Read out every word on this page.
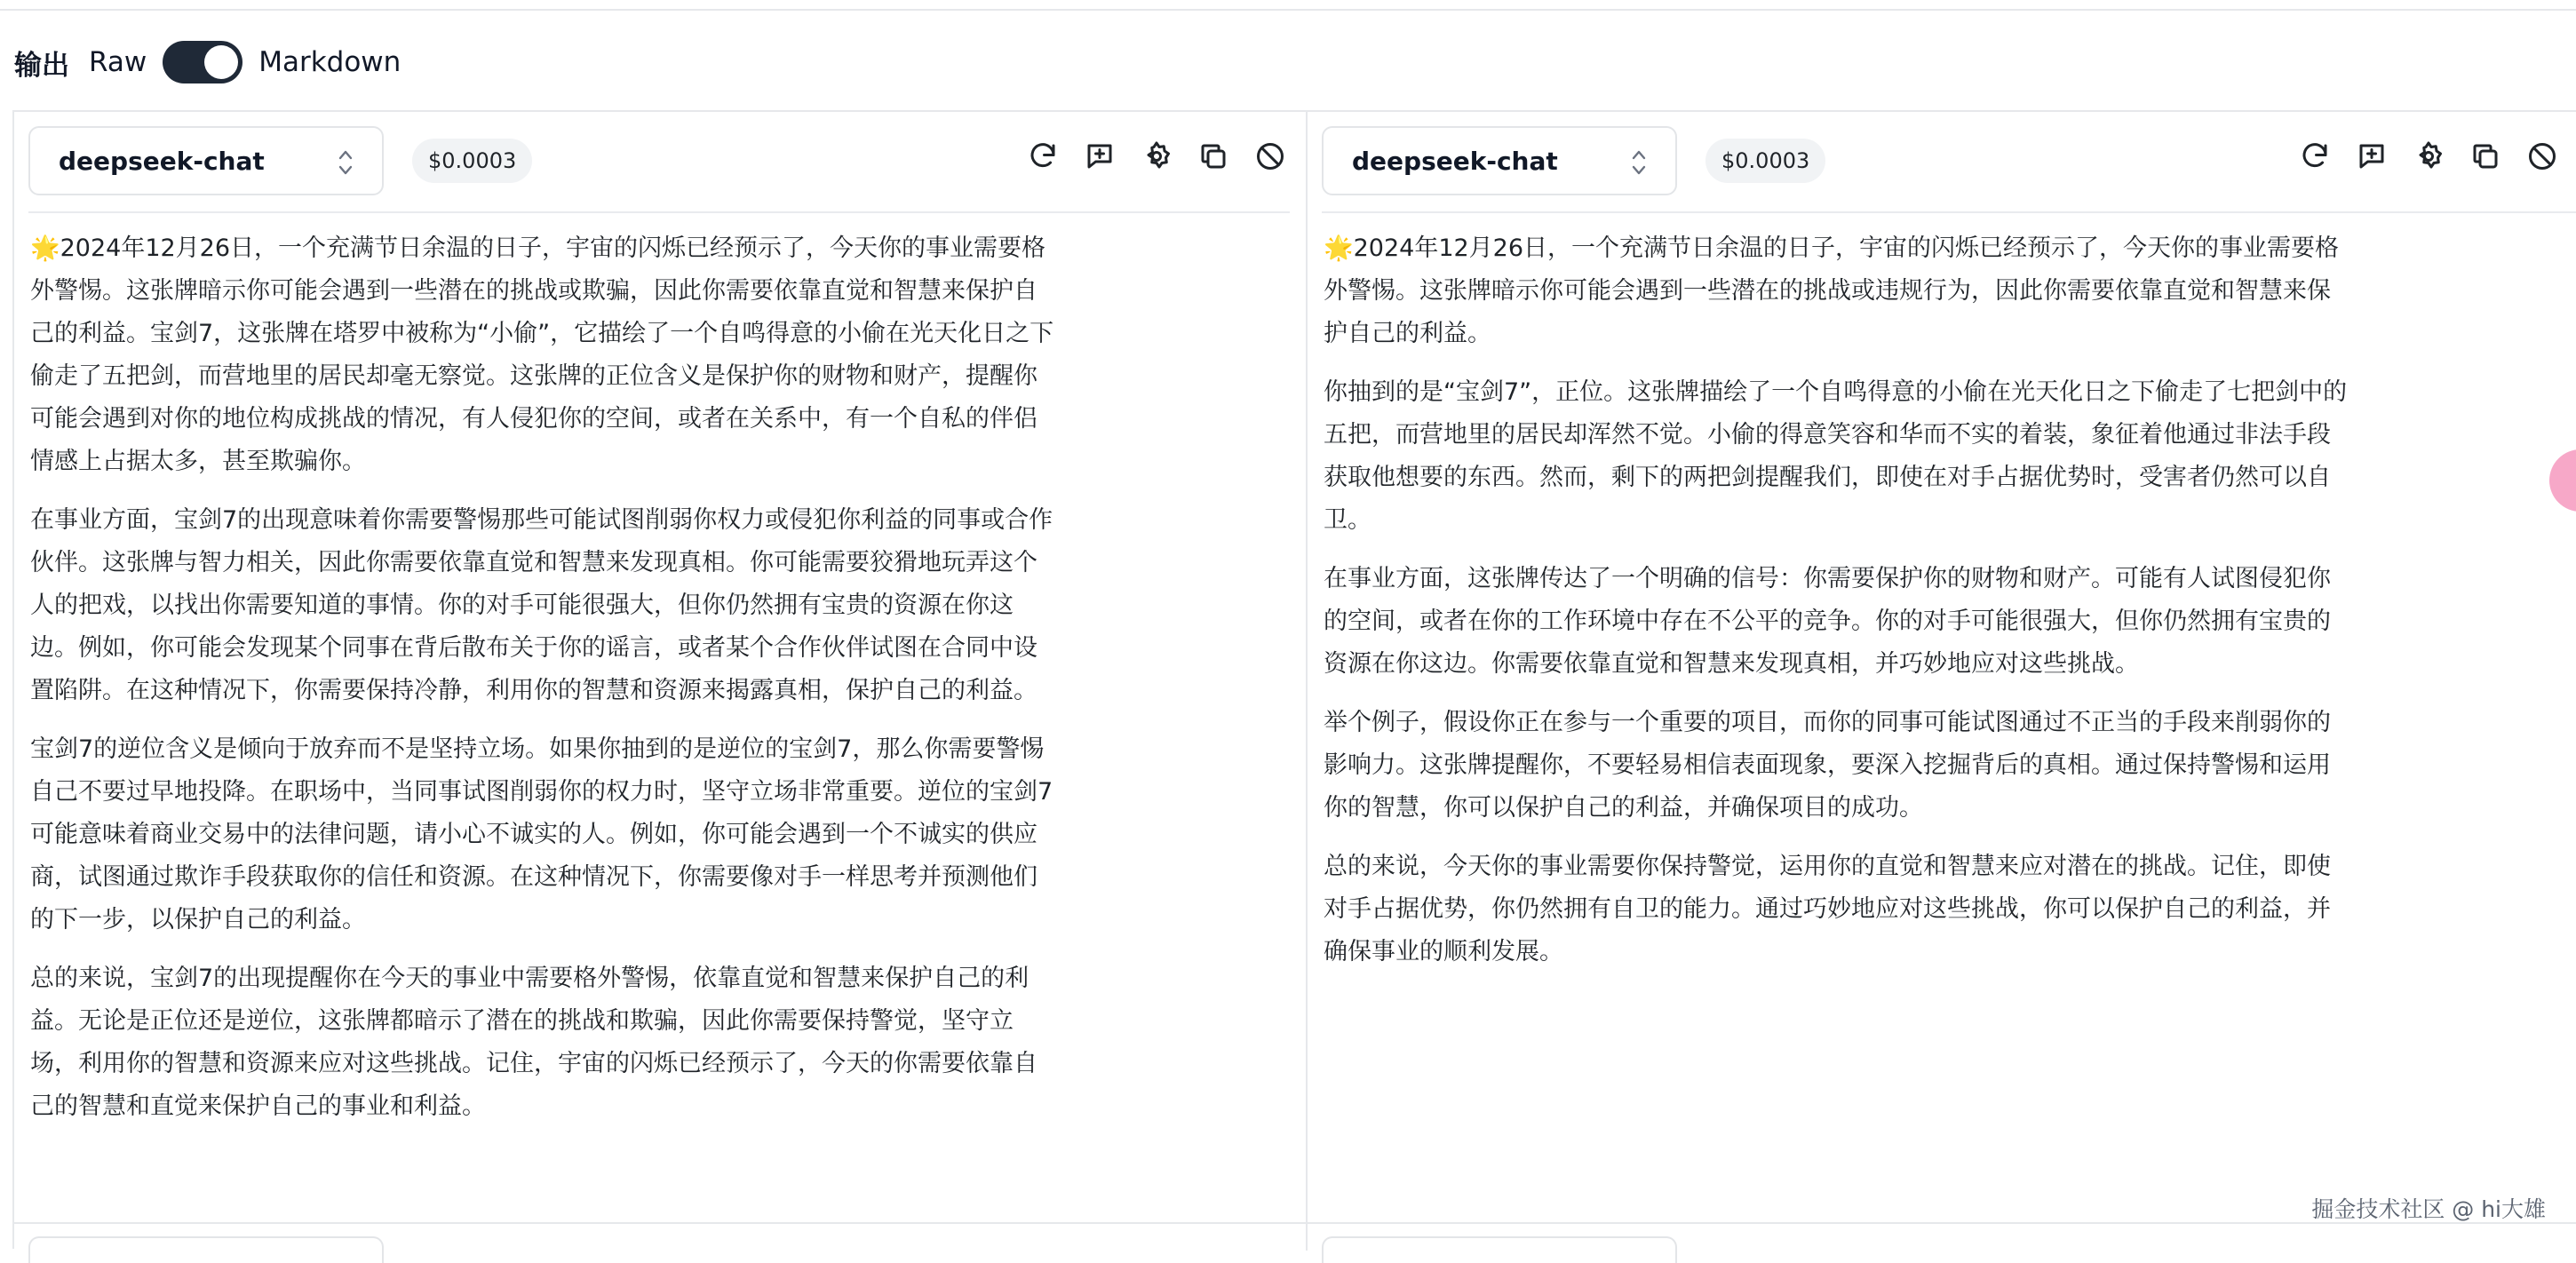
输出 Raw	Markdown
deepseek-chat	$0.0003

🌟2024年12月26日，一个充满节日余温的日子，宇宙的闪烁已经预示了，今天你的事业需要格外警惕。这张牌暗示你可能会遇到一些潜在的挑战或欺骗，因此你需要依靠直觉和智慧来保护自己的利益。宝剑7，这张牌在塔罗中被称为“小偷”，它描绘了一个自鸣得意的小偷在光天化日之下偷走了五把剑，而营地里的居民却毫无察觉。这张牌的正位含义是保护你的财物和财产，提醒你可能会遇到对你的地位构成挑战的情况，有人侵犯你的空间，或者在关系中，有一个自私的伴侣情感上占据太多，甚至欺骗你。

在事业方面，宝剑7的出现意味着你需要警惕那些可能试图削弱你权力或侵犯你利益的同事或合作伙伴。这张牌与智力相关，因此你需要依靠直觉和智慧来发现真相。你可能需要狡猾地玩弄这个人的把戏，以找出你需要知道的事情。你的对手可能很强大，但你仍然拥有宝贵的资源在你这边。例如，你可能会发现某个同事在背后散布关于你的谣言，或者某个合作伙伴试图在合同中设置陷阱。在这种情况下，你需要保持冷静，利用你的智慧和资源来揭露真相，保护自己的利益。

宝剑7的逆位含义是倾向于放弃而不是坚持立场。如果你抽到的是逆位的宝剑7，那么你需要警惕自己不要过早地投降。在职场中，当同事试图削弱你的权力时，坚守立场非常重要。逆位的宝剑7可能意味着商业交易中的法律问题，请小心不诚实的人。例如，你可能会遇到一个不诚实的供应商，试图通过欺诈手段获取你的信任和资源。在这种情况下，你需要像对手一样思考并预测他们的下一步，以保护自己的利益。

总的来说，宝剑7的出现提醒你在今天的事业中需要格外警惕，依靠直觉和智慧来保护自己的利益。无论是正位还是逆位，这张牌都暗示了潜在的挑战和欺骗，因此你需要保持警觉，坚守立场，利用你的智慧和资源来应对这些挑战。记住，宇宙的闪烁已经预示了，今天的你需要依靠自己的智慧和直觉来保护自己的事业和利益。

deepseek-chat	$0.0003

🌟2024年12月26日，一个充满节日余温的日子，宇宙的闪烁已经预示了，今天你的事业需要格外警惕。这张牌暗示你可能会遇到一些潜在的挑战或违规行为，因此你需要依靠直觉和智慧来保护自己的利益。

你抽到的是“宝剑7”，正位。这张牌描绘了一个自鸣得意的小偷在光天化日之下偷走了七把剑中的五把，而营地里的居民却浑然不觉。小偷的得意笑容和华而不实的着装，象征着他通过非法手段获取他想要的东西。然而，剩下的两把剑提醒我们，即使在对手占据优势时，受害者仍然可以自卫。

在事业方面，这张牌传达了一个明确的信号：你需要保护你的财物和财产。可能有人试图侵犯你的空间，或者在你的工作环境中存在不公平的竞争。你的对手可能很强大，但你仍然拥有宝贵的资源在你这边。你需要依靠直觉和智慧来发现真相，并巧妙地应对这些挑战。

举个例子，假设你正在参与一个重要的项目，而你的同事可能试图通过不正当的手段来削弱你的影响力。这张牌提醒你，不要轻易相信表面现象，要深入挖掘背后的真相。通过保持警惕和运用你的智慧，你可以保护自己的利益，并确保项目的成功。

总的来说，今天你的事业需要你保持警觉，运用你的直觉和智慧来应对潜在的挑战。记住，即使对手占据优势，你仍然拥有自卫的能力。通过巧妙地应对这些挑战，你可以保护自己的利益，并确保事业的顺利发展。

掘金技术社区 @ hi大雄
